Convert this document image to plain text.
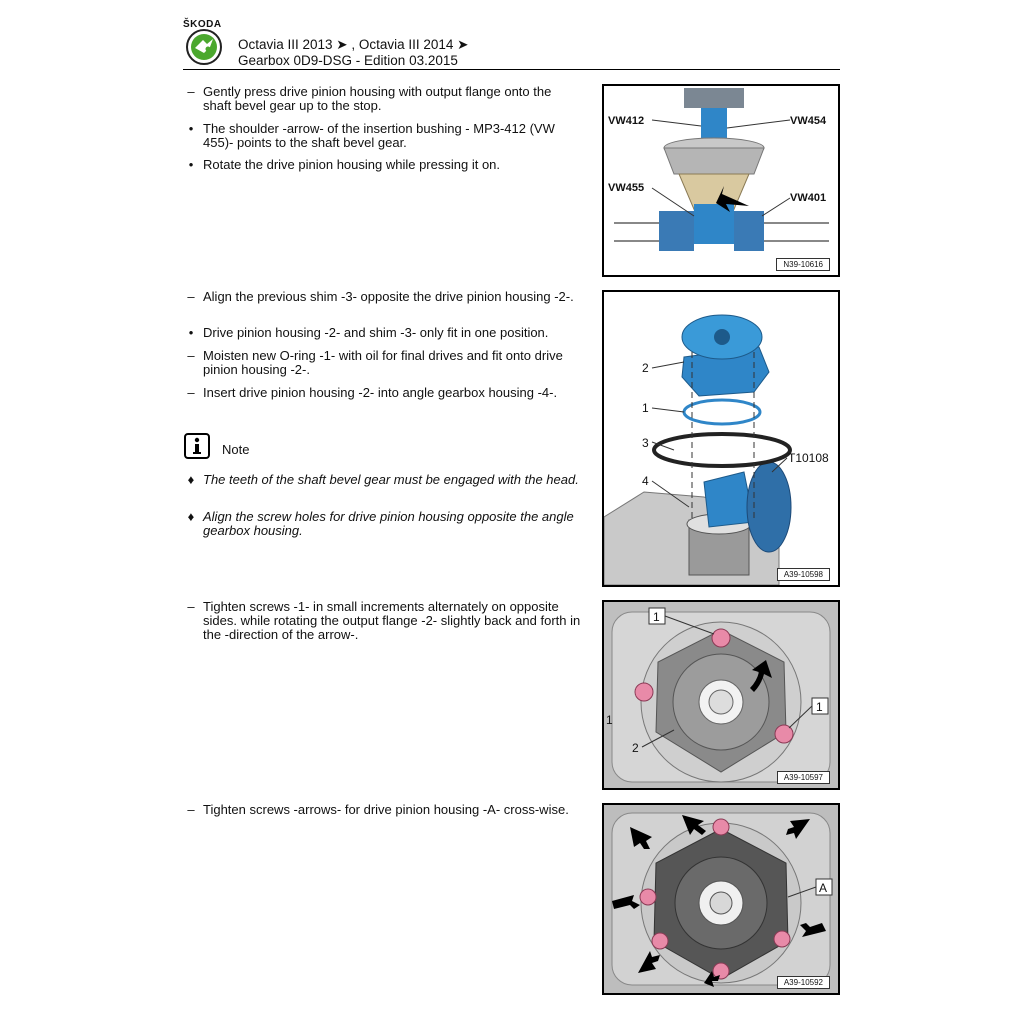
ŠKODA
Octavia III 2013 ➤ , Octavia III 2014 ➤
Gearbox 0D9-DSG - Edition 03.2015
– Gently press drive pinion housing with output flange onto the shaft bevel gear up to the stop.
• The shoulder -arrow- of the insertion bushing - MP3-412 (VW 455)- points to the shaft bevel gear.
• Rotate the drive pinion housing while pressing it on.
VW412	VW454
VW455
VW401
N39-10616
– Align the previous shim -3- opposite the drive pinion housing -2-.
• Drive pinion housing -2- and shim -3- only fit in one position.
– Moisten new O-ring -1- with oil for final drives and fit onto drive pinion housing -2-.
– Insert drive pinion housing -2- into angle gearbox housing -4-.
Note
♦ The teeth of the shaft bevel gear must be engaged with the head.
♦ Align the screw holes for drive pinion housing opposite the angle gearbox housing.
2
1
3
4
T10108
A39-10598
– Tighten screws -1- in small increments alternately on opposite sides. while rotating the output flange -2- slightly back and forth in the -direction of the arrow-.
1
1
1
2
A39-10597
– Tighten screws -arrows- for drive pinion housing -A- cross-wise.
A
A39-10592
